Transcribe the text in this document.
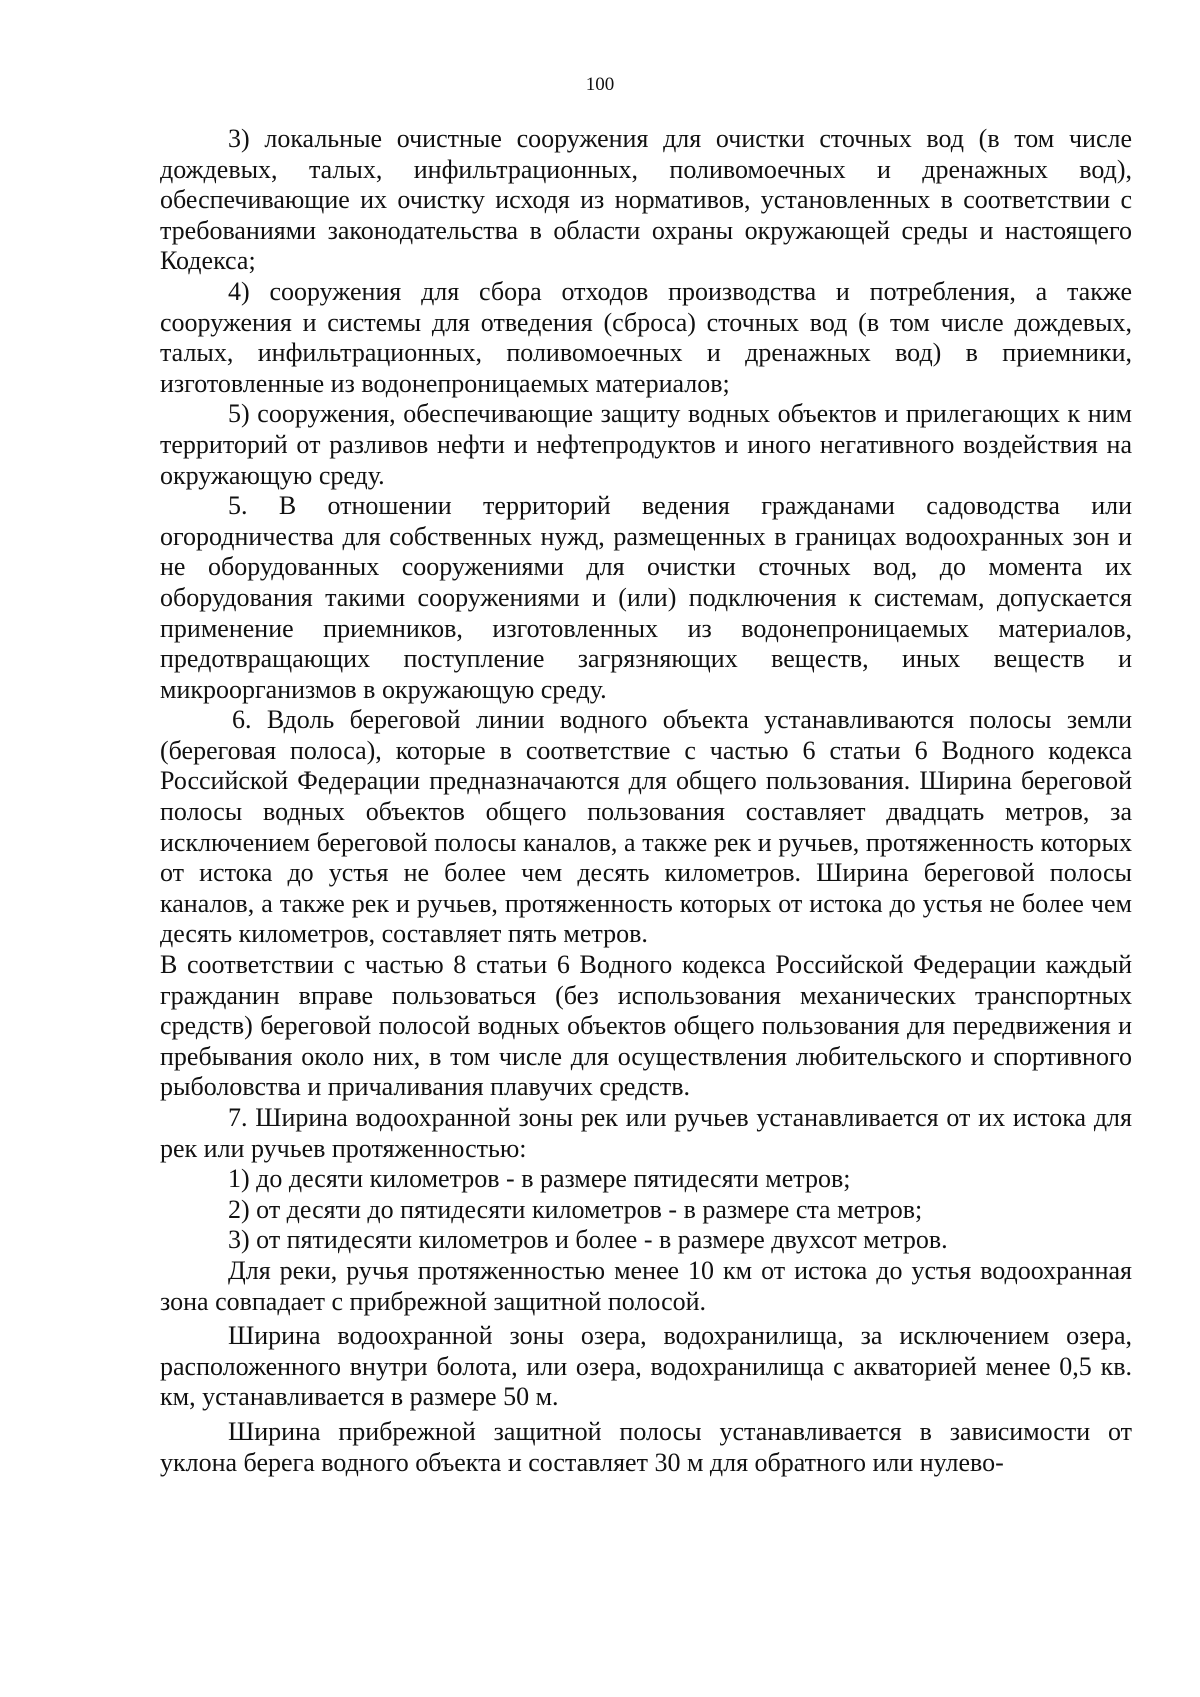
100

3) локальные очистные сооружения для очистки сточных вод (в том числе дождевых, талых, инфильтрационных, поливомоечных и дренажных вод), обеспечивающие их очистку исходя из нормативов, установленных в соответствии с требованиями законодательства в области охраны окружающей среды и настоящего Кодекса;

4) сооружения для сбора отходов производства и потребления, а также сооружения и системы для отведения (сброса) сточных вод (в том числе дождевых, талых, инфильтрационных, поливомоечных и дренажных вод) в приемники, изготовленные из водонепроницаемых материалов;

5) сооружения, обеспечивающие защиту водных объектов и прилегающих к ним территорий от разливов нефти и нефтепродуктов и иного негативного воздействия на окружающую среду.

5. В отношении территорий ведения гражданами садоводства или огородничества для собственных нужд, размещенных в границах водоохранных зон и не оборудованных сооружениями для очистки сточных вод, до момента их оборудования такими сооружениями и (или) подключения к системам, допускается применение приемников, изготовленных из водонепроницаемых материалов, предотвращающих поступление загрязняющих веществ, иных веществ и микроорганизмов в окружающую среду.

6. Вдоль береговой линии водного объекта устанавливаются полосы земли (береговая полоса), которые в соответствие с частью 6 статьи 6 Водного кодекса Российской Федерации предназначаются для общего пользования. Ширина береговой полосы водных объектов общего пользования составляет двадцать метров, за исключением береговой полосы каналов, а также рек и ручьев, протяженность которых от истока до устья не более чем десять километров. Ширина береговой полосы каналов, а также рек и ручьев, протяженность которых от истока до устья не более чем десять километров, составляет пять метров.

В соответствии с частью 8 статьи 6 Водного кодекса Российской Федерации каждый гражданин вправе пользоваться (без использования механических транспортных средств) береговой полосой водных объектов общего пользования для передвижения и пребывания около них, в том числе для осуществления любительского и спортивного рыболовства и причаливания плавучих средств.

7. Ширина водоохранной зоны рек или ручьев устанавливается от их истока для рек или ручьев протяженностью:

1) до десяти километров - в размере пятидесяти метров;

2) от десяти до пятидесяти километров - в размере ста метров;

3) от пятидесяти километров и более - в размере двухсот метров.

Для реки, ручья протяженностью менее 10 км от истока до устья водоохранная зона совпадает с прибрежной защитной полосой.

Ширина водоохранной зоны озера, водохранилища, за исключением озера, расположенного внутри болота, или озера, водохранилища с акваторией менее 0,5 кв. км, устанавливается в размере 50 м.

Ширина прибрежной защитной полосы устанавливается в зависимости от уклона берега водного объекта и составляет 30 м для обратного или нулево-
